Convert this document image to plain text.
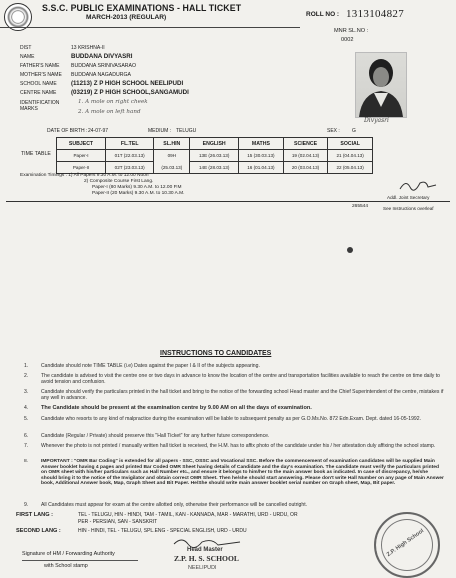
S.S.C. PUBLIC EXAMINATIONS - HALL TICKET
MARCH-2013 (REGULAR)	ROLL NO : 1313104827
MNR SL.NO :
0002
DIST	13 KRISHNA-II
NAME	BUDDANA DIVYASRI
FATHER'S NAME BUDDANA SRINIVASARAO
MOTHER'S NAME BUDDANA NAGADURGA
SCHOOL NAME (11213) Z P HIGH SCHOOL NEELIPUDI
CENTRE NAME (03219) Z P HIGH SCHOOL,SANGAMUDI
IDENTIFICATION MARKS
1. A mole on right cheek
2. A mole on left hand
Divyasri
DATE OF BIRTH : 24-07-97	MEDIUM : TELUGU	SEX : G
TIME TABLE
SUBJECT	FL.TEL	SL.HIN	ENGLISH	MATHS	SCIENCE	SOCIAL
Paper-I	01T (22.03.13)	09H	13E (26.03.13)	15 (30.03.13)	19 (02.04.13)	21 (04.04.13)
Paper-II	02T (23.03.13)	(25.03.13)	14E (28.03.13)	16 (01.04.13)	20 (03.04.13)	22 (05.04.13)
Examination Timings : 1) All Papers 9.30 A.M. to 12.00 Noon
2) Composite Course First Lang.
Paper-I (80 Marks) 9.30 A.M. to 12.00 P.M
Paper-II (20 Marks) 9.30 A.M. to 10.30 A.M.
Addl. Joint Secretary
265544	See Instructions overleaf
INSTRUCTIONS TO CANDIDATES
1.	Candidate should note TIME TABLE (i.e) Dates against the paper I & II of the subjects appearing.
2.	The candidate is advised to visit the centre one or two days in advance to know the location of the centre and transportation facilities available to reach the centre on time daily to avoid tension and confusion.
3.	Candidate should verify the particulars printed in the hall ticket and bring to the notice of the forwarding school Head master and the Chief Superintendent of the centre, mistakes if any well in advance.
4. The Candidate should be present at the examination centre by 9.00 AM on all the days of examination.
5.	Candidate who resorts to any kind of malpractice during the examination will be liable to subsequent penalty as per G.O.Ms.No. 872 Edn.Exam. Dept. dated 16-05-1992.
6.	Candidate (Regular / Private) should preserve this "Hall Ticket" for any further future correspondence.
7.	Whenever the photo is not printed / manually written hall ticket is received, the H.M. has to affix photo of the candidate under his / her attestation duly affixing the school stamp.
8.	IMPORTANT : "OMR Bar Coding" is extended for all papers - SSC, OSSC and Vocational SSC. Before the commencement of examination candidates will be supplied Main Answer booklet having 4 pages and printed Bar Coded OMR Sheet having details of Candidate and the day's examination. The candidate must verify the particulars printed on OMR sheet with his/her particulars such as Hall Number etc., and ensure it belongs to him/her to the main answer book as indicated. In case of discrepancy, he/she should bring it to the notice of the Invigilator and obtain correct OMR Sheet. Then he/she should start answering. Please don't write Hall Number on any page of Main Answer book, Additional Answer book, Map, Graph Sheet and Bit Paper. He/She should write main answer booklet serial number on Graph sheet, Map, Bit paper.
9.	All Candidates must appear for exam at the centre allotted only, otherwise their performance will be cancelled outright.
FIRST LANG :	TEL - TELUGU, HIN - HINDI, TAM - TAMIL, KAN - KANNADA, MAR - MARATHI, URD - URDU, OR
PER - PERSIAN, SAN - SANSKRIT
SECOND LANG :	HIN - HINDI, TEL - TELUGU, SPL.ENG - SPECIAL ENGLISH, URD - URDU
Head Master
Z.P. H. S. SCHOOL
NEELIPUDI
Signature of HM / Forwarding Authority
with School stamp
Z.P. High School
